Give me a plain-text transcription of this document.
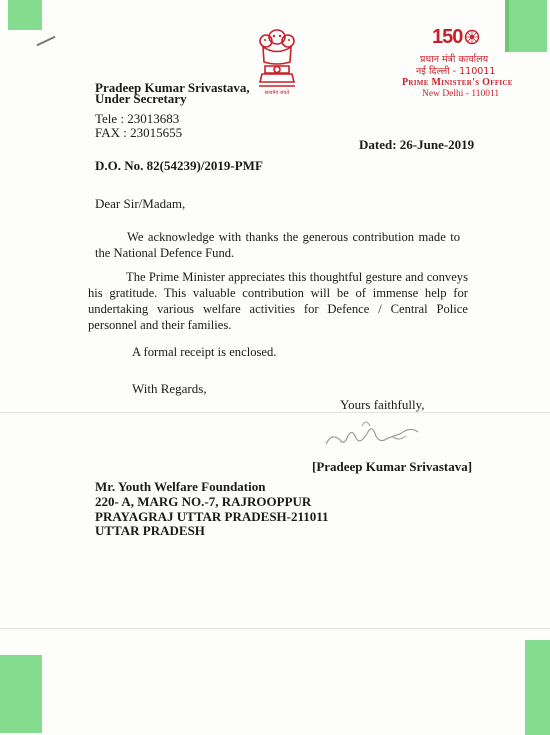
Pradeep Kumar Srivastava,
Under Secretary
Tele : 23013683
FAX : 23015655
सत्यमेव जयते
150
प्रधान मंत्री कार्यालय
नई दिल्ली - 110011
Prime Minister's Office
New Delhi - 110011
Dated: 26-June-2019
D.O. No. 82(54239)/2019-PMF
Dear Sir/Madam,

We acknowledge with thanks the generous contribution made to the National Defence Fund.

The Prime Minister appreciates this thoughtful gesture and conveys his gratitude. This valuable contribution will be of immense help for undertaking various welfare activities for Defence / Central Police personnel and their families.

A formal receipt is enclosed.

With Regards,
Yours faithfully,
[Pradeep Kumar Srivastava]
Mr. Youth Welfare Foundation
220- A, MARG NO.-7, RAJROOPPUR
PRAYAGRAJ UTTAR PRADESH-211011
UTTAR PRADESH
